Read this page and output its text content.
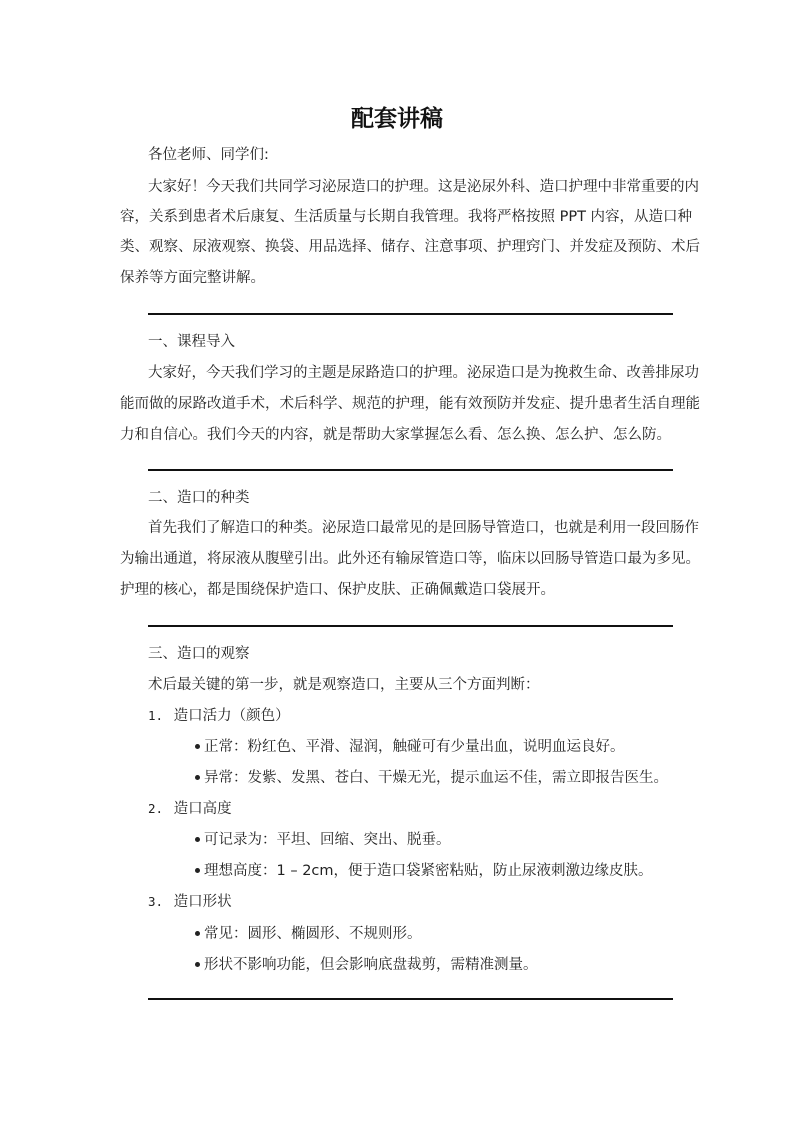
配套讲稿
各位老师、同学们:
大家好！今天我们共同学习泌尿造口的护理。这是泌尿外科、造口护理中非常重要的内
容，关系到患者术后康复、生活质量与长期自我管理。我将严格按照 PPT 内容，从造口种
类、观察、尿液观察、换袋、用品选择、储存、注意事项、护理窍门、并发症及预防、术后
保养等方面完整讲解。
一、课程导入
大家好，今天我们学习的主题是尿路造口的护理。泌尿造口是为挽救生命、改善排尿功
能而做的尿路改道手术，术后科学、规范的护理，能有效预防并发症、提升患者生活自理能
力和自信心。我们今天的内容，就是帮助大家掌握怎么看、怎么换、怎么护、怎么防。
二、造口的种类
首先我们了解造口的种类。泌尿造口最常见的是回肠导管造口，也就是利用一段回肠作
为输出通道，将尿液从腹壁引出。此外还有输尿管造口等，临床以回肠导管造口最为多见。
护理的核心，都是围绕保护造口、保护皮肤、正确佩戴造口袋展开。
三、造口的观察
术后最关键的第一步，就是观察造口，主要从三个方面判断：
1. 造口活力（颜色）
正常：粉红色、平滑、湿润，触碰可有少量出血，说明血运良好。
异常：发紫、发黑、苍白、干燥无光，提示血运不佳，需立即报告医生。
2. 造口高度
可记录为：平坦、回缩、突出、脱垂。
理想高度：1 – 2cm，便于造口袋紧密粘贴，防止尿液刺激边缘皮肤。
3. 造口形状
常见：圆形、椭圆形、不规则形。
形状不影响功能，但会影响底盘裁剪，需精准测量。
